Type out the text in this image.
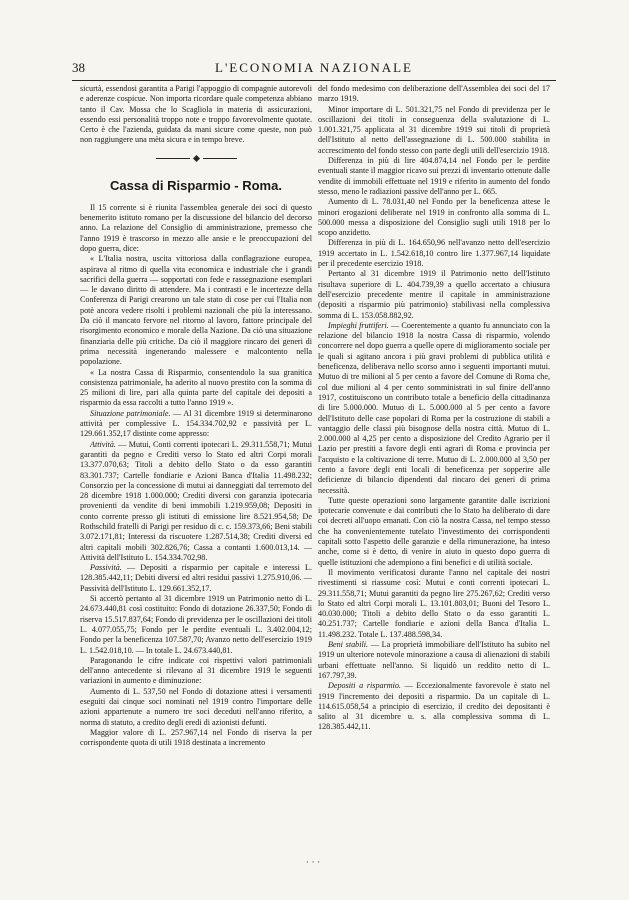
38	L'ECONOMIA NAZIONALE

sicurtà, essendosi garantita a Parigi l'appoggio di compagnie autorevoli e aderenze cospicue. Non importa ricordare quale competenza abbiano tanto il Cav. Mossa che lo Scagliola in materia di assicurazioni, essendo essi personalità troppo note e troppo favorevolmente quotate. Certo è che l'azienda, guidata da mani sicure come queste, non può non raggiungere una mèta sicura e in tempo breve.

Cassa di Risparmio - Roma.

Il 15 corrente si è riunita l'assemblea generale dei soci di questo benemerito istituto romano per la discussione del bilancio del decorso anno. La relazione del Consiglio di amministrazione, premesso che l'anno 1919 è trascorso in mezzo alle ansie e le preoccupazioni del dopo guerra, dice:

« L'Italia nostra, uscita vittoriosa dalla conflagrazione europea, aspirava al ritmo di quella vita economica e industriale che i grandi sacrifici della guerra — sopportati con fede e rassegnazione esemplari — le davano diritto di attendere. Ma i contrasti e le incertezze della Conferenza di Parigi crearono un tale stato di cose per cui l'Italia non potè ancora vedere risolti i problemi nazionali che più la interessano. Da ciò il mancato fervore nel ritorno al lavoro, fattore principale del risorgimento economico e morale della Nazione. Da ciò una situazione finanziaria delle più critiche. Da ciò il maggiore rincaro dei generi di prima necessità ingenerando malessere e malcontento nella popolazione.

« La nostra Cassa di Risparmio, consentendolo la sua granitica consistenza patrimoniale, ha aderito al nuovo prestito con la somma di 25 milioni di lire, pari alla quinta parte del capitale dei depositi a risparmio da essa raccolti a tutto l'anno 1919 ».

Situazione patrimoniale. — Al 31 dicembre 1919 si determinarono attività per complessive L. 154.334.702,92 e passività per L. 129.661.352,17 distinte come appresso:

Attività. — Mutui, Conti correnti ipotecari L. 29.311.558,71; Mutui garantiti da pegno e Crediti verso lo Stato ed altri Corpi morali 13.377.070,63; Titoli a debito dello Stato o da esso garantiti 83.301.737; Cartelle fondiarie e Azioni Banca d'Italia 11.498.232; Consorzio per la concessione di mutui ai danneggiati dal terremoto del 28 dicembre 1918 1.000.000; Crediti diversi con garanzia ipotecaria provenienti da vendite di beni immobili 1.219.959,08; Depositi in conto corrente presso gli istituti di emissione lire 8.521.954,58; De Rothschild fratelli di Parigi per residuo di c. c. 159.373,66; Beni stabili 3.072.171,81; Interessi da riscuotere 1.287.514,38; Crediti diversi ed altri capitali mobili 302.826,76; Cassa a contanti 1.600.013,14. — Attività dell'Istituto L. 154.334.702,98.

Passività. — Depositi a risparmio per capitale e interessi L. 128.385.442,11; Debiti diversi ed altri residui passivi 1.275.910,06. — Passività dell'Istituto L. 129.661.352,17.

Si accertò pertanto al 31 dicembre 1919 un Patrimonio netto di L. 24.673.440,81 così costituito: Fondo di dotazione 26.337,50; Fondo di riserva 15.517.837,64; Fondo di previdenza per le oscillazioni dei titoli L. 4.077.055,75; Fondo per le perdite eventuali L. 3.402.004,12; Fondo per la beneficenza 107.587,70; Avanzo netto dell'esercizio 1919 L. 1.542.018,10. — In totale L. 24.673.440,81.

Paragonando le cifre indicate coi rispettivi valori patrimoniali dell'anno antecedente si rilevano al 31 dicembre 1919 le seguenti variazioni in aumento e diminuzione:

Aumento di L. 537,50 nel Fondo di dotazione attesi i versamenti eseguiti dai cinque soci nominati nel 1919 contro l'importare delle azioni appartenute a numero tre soci deceduti nell'anno riferito, a norma di statuto, a credito degli eredi di azionisti defunti.

Maggior valore di L. 257.967,14 nel Fondo di riserva la per corrispondente quota di utili 1918 destinata a incremento

del fondo medesimo con deliberazione dell'Assemblea dei soci del 17 marzo 1919.

Minor importare di L. 501.321,75 nel Fondo di previdenza per le oscillazioni dei titoli in conseguenza della svalutazione di L. 1.001.321,75 applicata al 31 dicembre 1919 sui titoli di proprietà dell'Istituto al netto dell'assegnazione di L. 500.000 stabilita in accrescimento del fondo stesso con parte degli utili dell'esercizio 1918.

Differenza in più di lire 404.874,14 nel Fondo per le perdite eventuali stante il maggior ricavo sui prezzi di inventario ottenute dalle vendite di immobili effettuate nel 1919 e riferito in aumento del fondo stesso, meno le radiazioni passive dell'anno per L. 665.

Aumento di L. 78.031,40 nel Fondo per la beneficenza attese le minori erogazioni deliberate nel 1919 in confronto alla somma di L. 500.000 messa a disposizione del Consiglio sugli utili 1918 per lo scopo anzidetto.

Differenza in più di L. 164.650,96 nell'avanzo netto dell'esercizio 1919 accertato in L. 1.542.618,10 contro lire 1.377.967,14 liquidate per il precedente esercizio 1918.

Pertanto al 31 dicembre 1919 il Patrimonio netto dell'Istituto risultava superiore di L. 404.739,39 a quello accertato a chiusura dell'esercizio precedente mentre il capitale in amministrazione (depositi a risparmio più patrimonio) stabilivasi nella complessiva somma di L. 153.058.882,92.

Impieghi fruttiferi. — Coerentemente a quanto fu annunciato con la relazione del bilancio 1918 la nostra Cassa di risparmio, volendo concorrere nel dopo guerra a quelle opere di miglioramento sociale per le quali si agitano ancora i più gravi problemi di pubblica utilità e beneficenza, deliberava nello scorso anno i seguenti importanti mutui. Mutuo di tre milioni al 5 per cento a favore del Comune di Roma che, col due milioni al 4 per cento somministrati in sul finire dell'anno 1917, costituiscono un contributo totale a beneficio della cittadinanza di lire 5.000.000. Mutuo di L. 5.000.000 al 5 per cento a favore dell'Istituto delle case popolari di Roma per la costruzione di stabili a vantaggio delle classi più bisognose della nostra città. Mutuo di L. 2.000.000 al 4,25 per cento a disposizione del Credito Agrario per il Lazio per prestiti a favore degli enti agrari di Roma e provincia per l'acquisto e la coltivazione di terre. Mutuo di L. 2.000.000 al 3,50 per cento a favore degli enti locali di beneficenza per sopperire alle deficienze di bilancio dipendenti dal rincaro dei generi di prima necessità.

Tutte queste operazioni sono largamente garantite dalle iscrizioni ipotecarie convenute e dai contributi che lo Stato ha deliberato di dare coi decreti all'uopo emanati. Con ciò la nostra Cassa, nel tempo stesso che ha convenientemente tutelato l'investimento dei corrispondenti capitali sotto l'aspetto delle garanzie e della rimunerazione, ha inteso anche, come si è detto, di venire in aiuto in questo dopo guerra di quelle istituzioni che adempiono a fini benefici e di utilità sociale.

Il movimento verificatosi durante l'anno nel capitale dei nostri rivestimenti si riassume così: Mutui e conti correnti ipotecari L. 29.311.558,71; Mutui garantiti da pegno lire 275.267,62; Crediti verso lo Stato ed altri Corpi morali L. 13.101.803,01; Buoni del Tesoro L. 40.030.000; Titoli a debito dello Stato o da esso garantiti L. 40.251.737; Cartelle fondiarie e azioni della Banca d'Italia L. 11.498.232. Totale L. 137.488.598,34.

Beni stabili. — La proprietà immobiliare dell'Istituto ha subito nel 1919 un ulteriore notevole minorazione a causa di alienazioni di stabili urbani effettuate nell'anno. Si liquidò un reddito netto di L. 167.797,39.

Depositi a risparmio. — Eccezionalmente favorevole è stato nel 1919 l'incremento dei depositi a risparmio. Da un capitale di L. 114.615.058,54 a principio di esercizio, il credito dei depositanti è salito al 31 dicembre u. s. alla complessiva somma di L. 128.385.442,11.

· · ·
